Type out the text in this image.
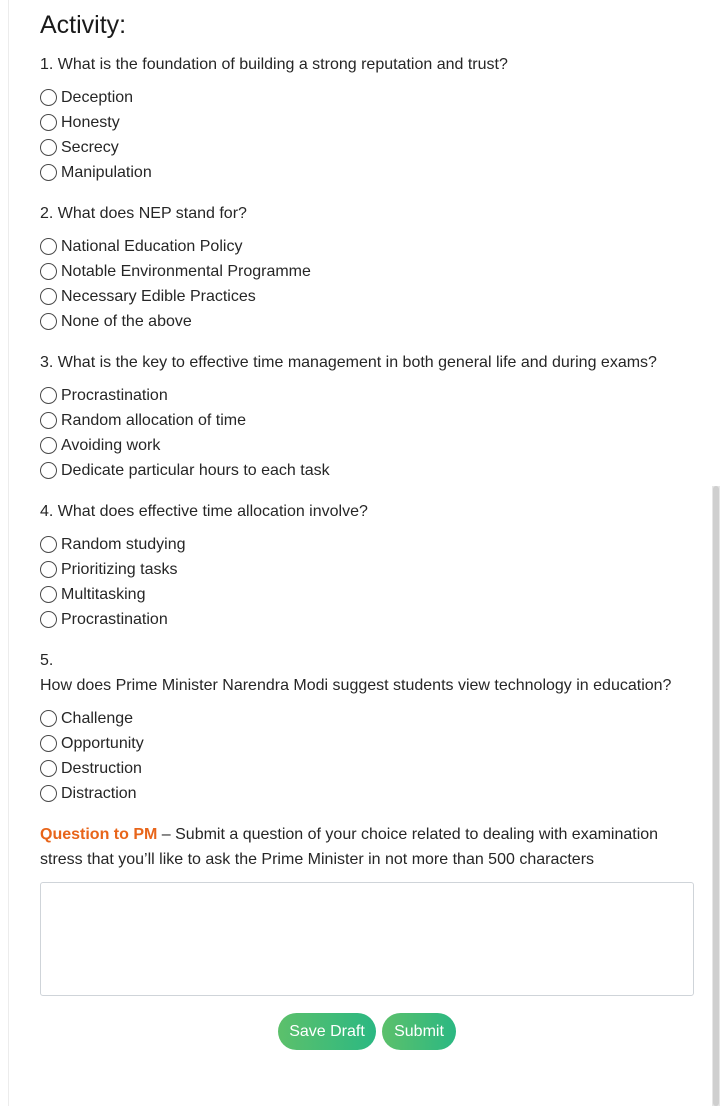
Activity:
1. What is the foundation of building a strong reputation and trust?
Deception
Honesty
Secrecy
Manipulation
2. What does NEP stand for?
National Education Policy
Notable Environmental Programme
Necessary Edible Practices
None of the above
3. What is the key to effective time management in both general life and during exams?
Procrastination
Random allocation of time
Avoiding work
Dedicate particular hours to each task
4. What does effective time allocation involve?
Random studying
Prioritizing tasks
Multitasking
Procrastination
5.
How does Prime Minister Narendra Modi suggest students view technology in education?
Challenge
Opportunity
Destruction
Distraction
Question to PM – Submit a question of your choice related to dealing with examination stress that you’ll like to ask the Prime Minister in not more than 500 characters
Save Draft	Submit
